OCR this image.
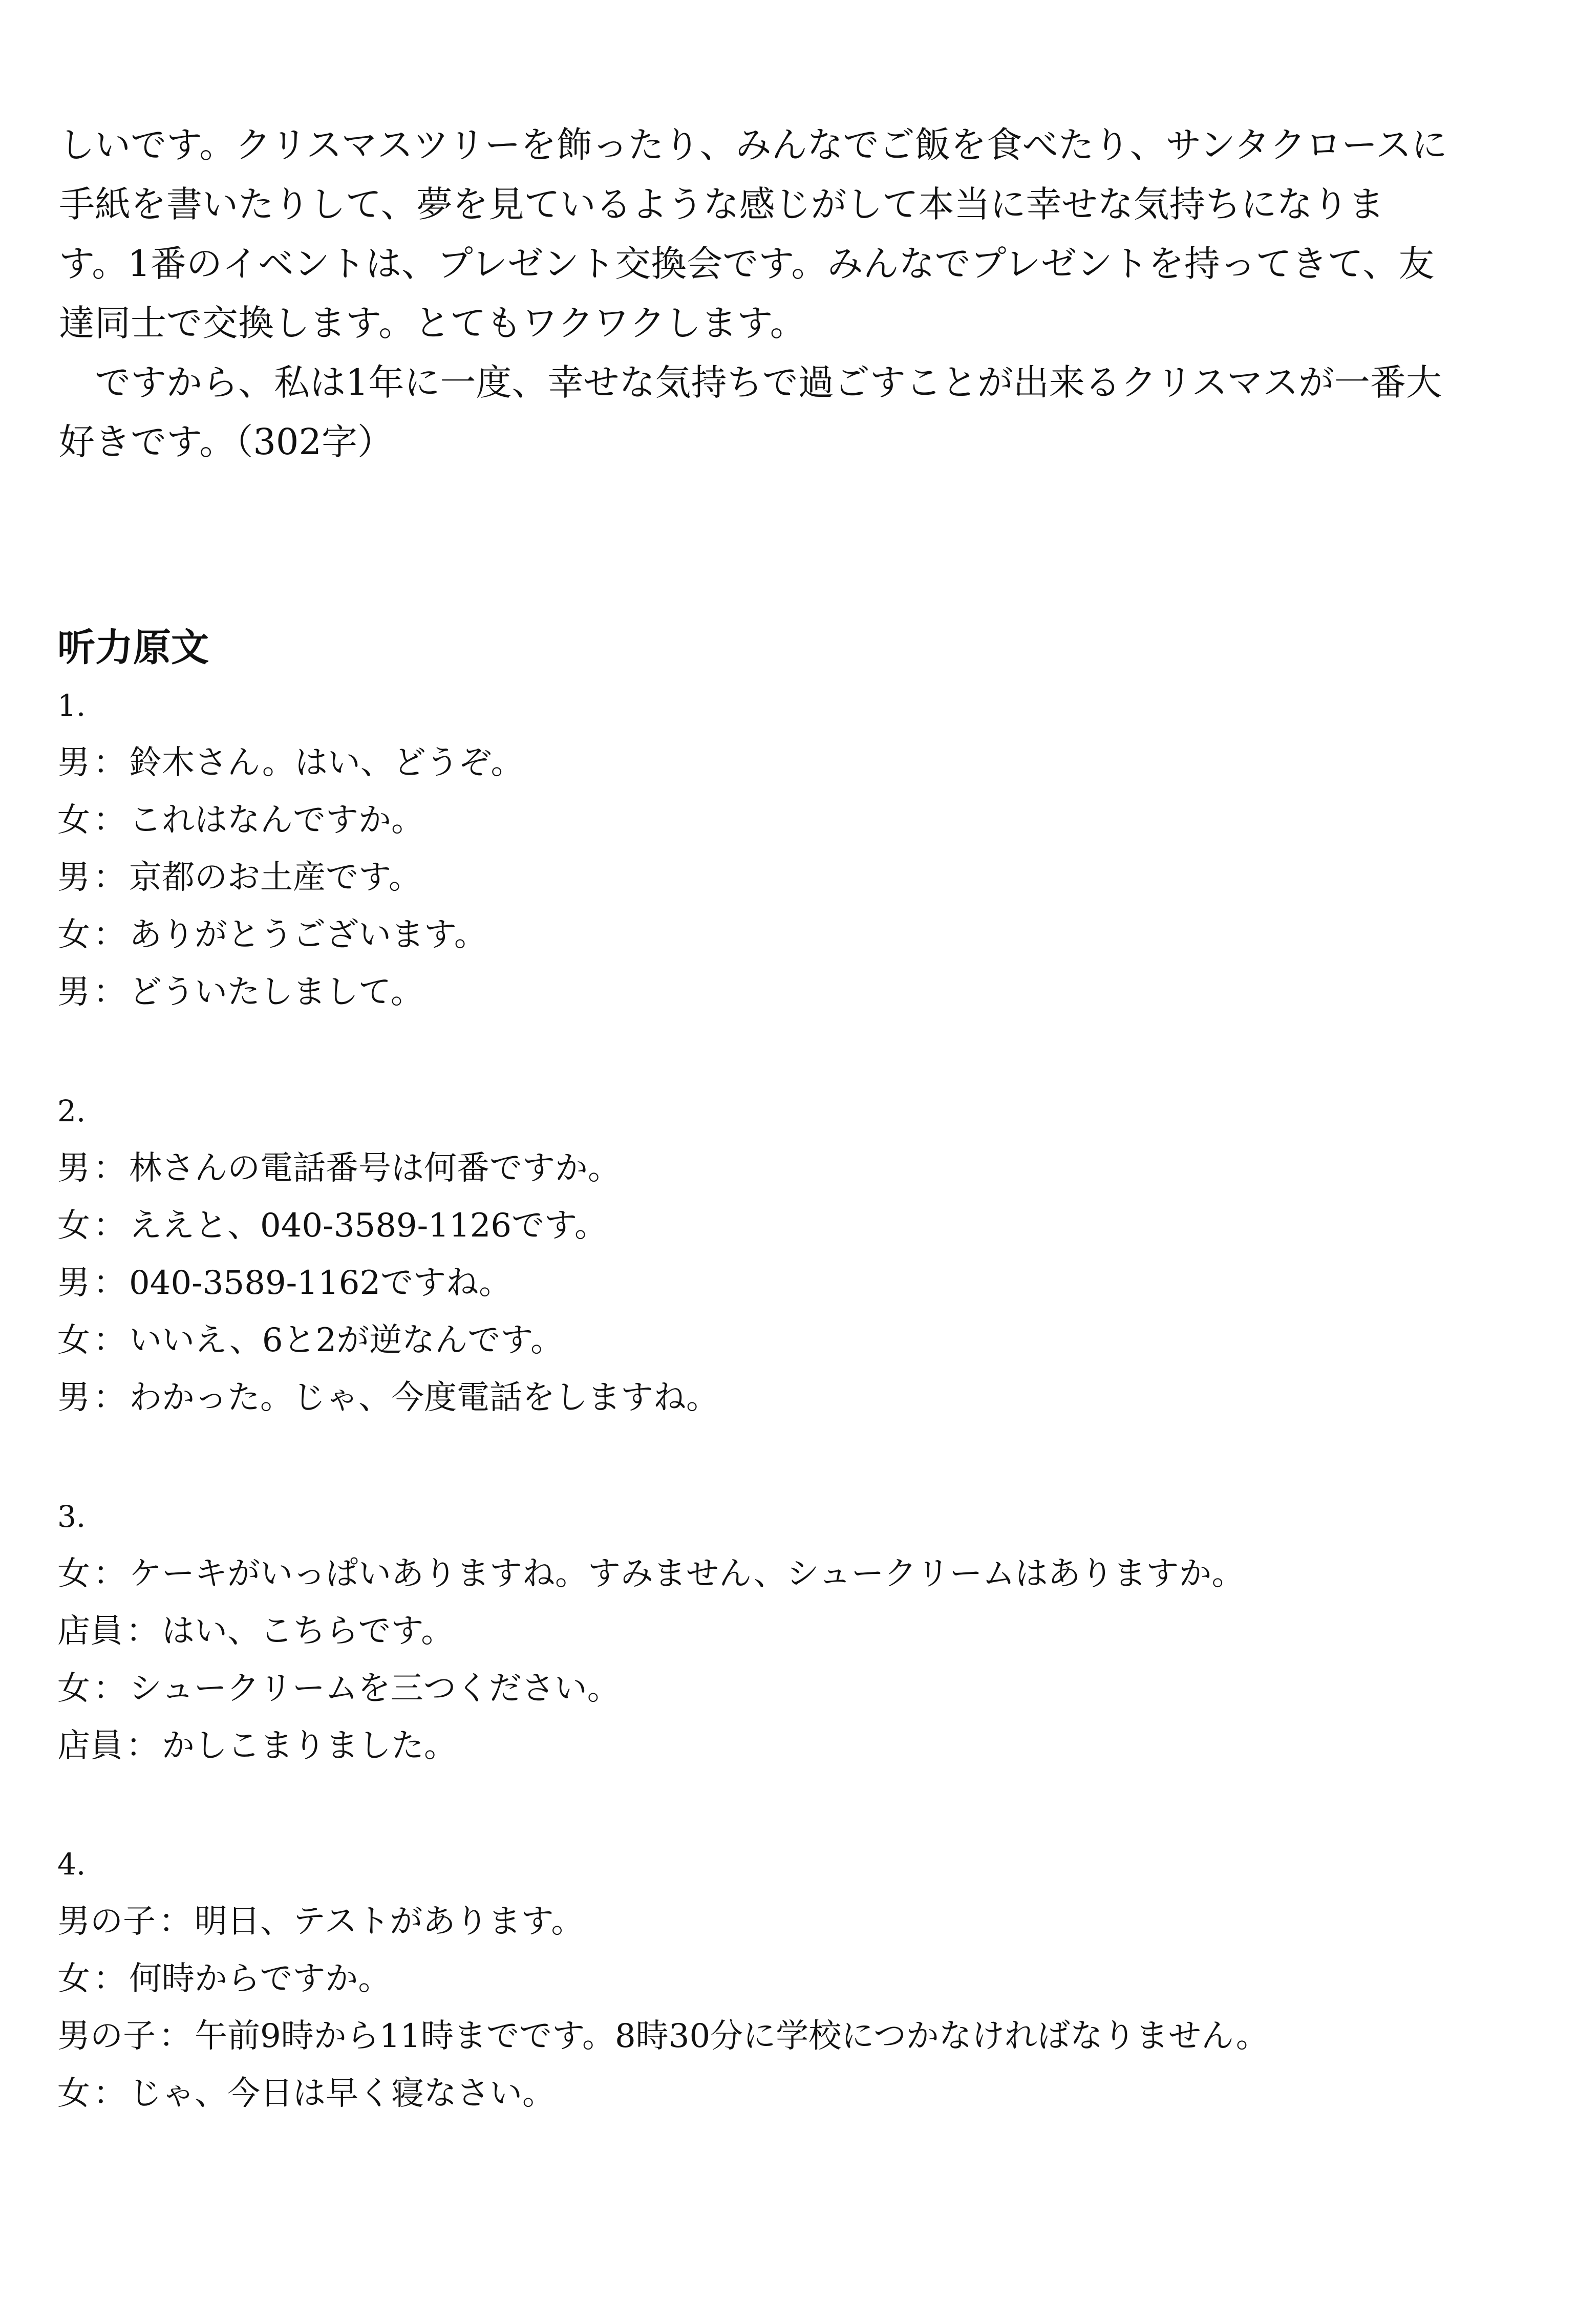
しいです。クリスマスツリーを飾ったり、みんなでご飯を食べたり、サンタクロースに手紙を書いたりして、夢を見ているような感じがして本当に幸せな気持ちになります。1番のイベントは、プレゼント交換会です。みんなでプレゼントを持ってきて、友達同士で交換します。とてもワクワクします。

ですから、私は1年に一度、幸せな気持ちで過ごすことが出来るクリスマスが一番大好きです。（302字）

听力原文

1.

男：鈴木さん。はい、どうぞ。

女：これはなんですか。

男：京都のお土産です。

女：ありがとうございます。

男：どういたしまして。

2.

男：林さんの電話番号は何番ですか。

女：ええと、040-3589-1126です。

男：040-3589-1162ですね。

女：いいえ、6と2が逆なんです。

男：わかった。じゃ、今度電話をしますね。

3.

女：ケーキがいっぱいありますね。すみません、シュークリームはありますか。

店員：はい、こちらです。

女：シュークリームを三つください。

店員：かしこまりました。

4.

男の子：明日、テストがあります。

女：何時からですか。

男の子：午前9時から11時までです。8時30分に学校につかなければなりません。

女：じゃ、今日は早く寝なさい。
